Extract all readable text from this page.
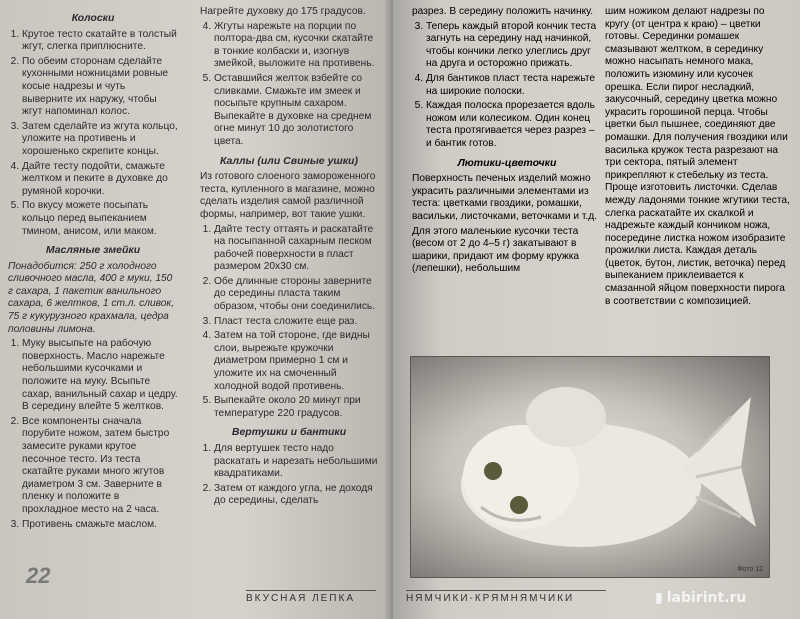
Колоски
1. Крутое тесто скатайте в толстый жгут, слегка приплюсните.
2. По обеим сторонам сделайте кухонными ножницами ровные косые надрезы и чуть выверните их наружу, чтобы жгут напоминал колос.
3. Затем сделайте из жгута кольцо, уложите на противень и хорошенько скрепите концы.
4. Дайте тесту подойти, смажьте желтком и пеките в духовке до румяной корочки.
5. По вкусу можете посыпать кольцо перед выпеканием тмином, анисом, или маком.
Масляные змейки

Понадобится: 250 г холодного сливочного масла, 400 г муки, 150 г сахара, 1 пакетик ванильного сахара, 6 желтков, 1 ст.л. сливок, 75 г кукурузного крахмала, цедра половины лимона.

1. Муку высыпьте на рабочую поверхность. Масло нарежьте небольшими кусочками и положите на муку. Всыпьте сахар, ванильный сахар и цедру. В середину влейте 5 желтков.
2. Все компоненты сначала порубите ножом, затем быстро замесите руками крутое песочное тесто. Из теста скатайте руками много жгутов диаметром 3 см. Заверните в пленку и положите в прохладное место на 2 часа.
3. Противень смажьте маслом.

Нагрейте духовку до 175 градусов.

4. Жгуты нарежьте на порции по полтора-два см, кусочки скатайте в тонкие колбаски и, изогнув змейкой, выложите на противень.
5. Оставшийся желток взбейте со сливками. Смажьте им змеек и посыпьте крупным сахаром. Выпекайте в духовке на среднем огне минут 10 до золотистого цвета.
Каллы (или Свиные ушки)

Из готового слоеного замороженного теста, купленного в магазине, можно сделать изделия самой различной формы, например, вот такие ушки.

1. Дайте тесту оттаять и раскатайте на посыпанной сахарным песком рабочей поверхности в пласт размером 20x30 см.
2. Обе длинные стороны заверните до середины пласта таким образом, чтобы они соединились.
3. Пласт теста сложите еще раз.
4. Затем на той стороне, где видны слои, вырежьте кружочки диаметром примерно 1 см и уложите их на смоченный холодной водой противень.
5. Выпекайте около 20 минут при температуре 220 градусов.
Вертушки и бантики
1. Для вертушек тесто надо раскатать и нарезать небольшими квадратиками.
2. Затем от каждого угла, не доходя до середины, сделать

разрез. В середину положить начинку.

3. Теперь каждый второй кончик теста загнуть на середину над начинкой, чтобы кончики легко улеглись друг на друга и осторожно прижать.
4. Для бантиков пласт теста нарежьте на широкие полоски.
5. Каждая полоска прорезается вдоль ножом или колесиком. Один конец теста протягивается через разрез – и бантик готов.
Лютики-цветочки

Поверхность печеных изделий можно украсить различными элементами из теста: цветками гвоздики, ромашки, васильки, листочками, веточками и т.д.

Для этого маленькие кусочки теста (весом от 2 до 4–5 г) закатывают в шарики, придают им форму кружка (лепешки), небольшим

шим ножиком делают надрезы по кругу (от центра к краю) – цветки готовы. Серединки ромашек смазывают желтком, в серединку можно насыпать немного мака, положить изюмину или кусочек орешка. Если пирог несладкий, закусочный, середину цветка можно украсить горошиной перца. Чтобы цветки был пышнее, соединяют две ромашки. Для получения гвоздики или василька кружок теста разрезают на три сектора, пятый элемент прикрепляют к стебельку из теста. Проще изготовить листочки. Сделав между ладонями тонкие жгутики теста, слегка раскатайте их скалкой и надрежьте каждый кончиком ножа, посередине листка ножом изобразите прожилки листа. Каждая деталь (цветок, бутон, листик, веточка) перед выпеканием приклеивается к смазанной яйцом поверхности пирога в соответствии с композицией.

Фото 12
22
ВКУСНАЯ ЛЕПКА	НЯМЧИКИ-КРЯМНЯМЧИКИ	▮ labirint.ru
